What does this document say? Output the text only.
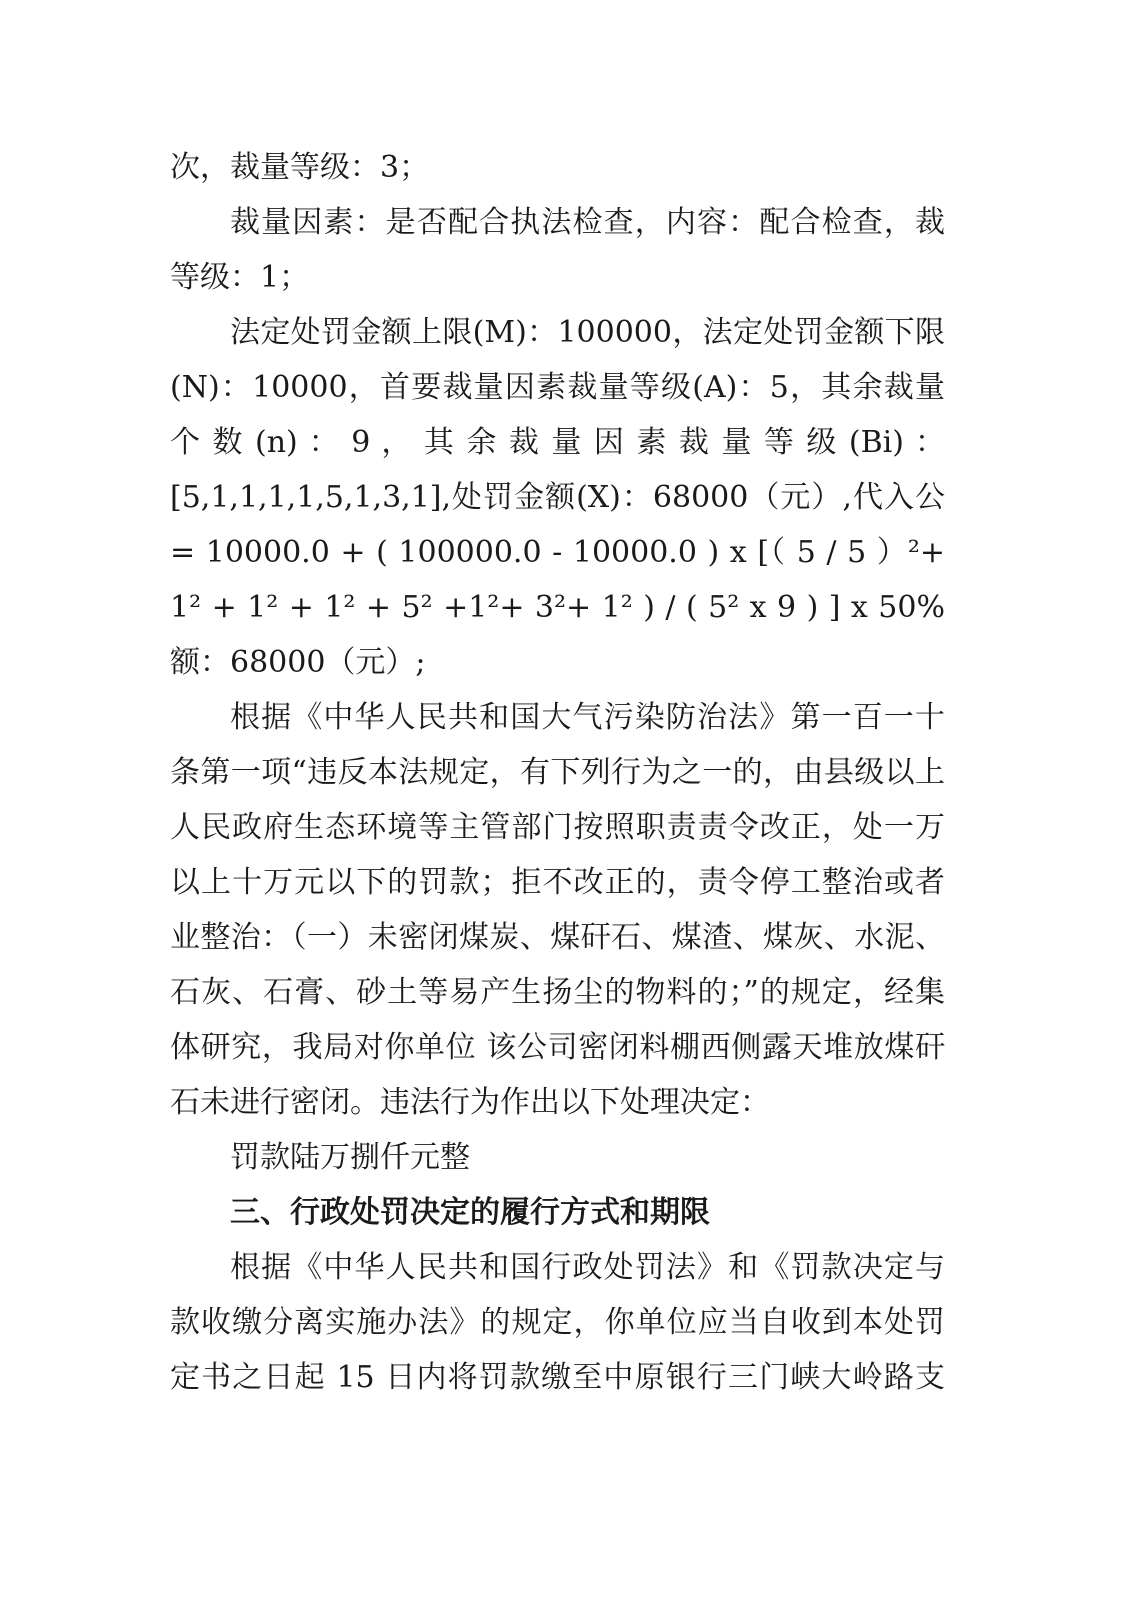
次，裁量等级：3；
裁量因素：是否配合执法检查，内容：配合检查，裁
等级：1；
法定处罚金额上限(M)：100000，法定处罚金额下限
(N)：10000，首要裁量因素裁量等级(A)：5，其余裁量
个 数 (n) ： 9 ， 其 余 裁 量 因 素 裁 量 等 级 (Bi) ：
[5,1,1,1,1,5,1,3,1],处罚金额(X)：68000（元）,代入公
= 10000.0 + ( 100000.0 - 10000.0 ) x [（ 5 / 5 ）²+
1² + 1² + 1² + 5² +1²+ 3²+ 1² ) / ( 5² x 9 ) ] x 50%
额：68000（元）;
根据《中华人民共和国大气污染防治法》第一百一十
条第一项“违反本法规定，有下列行为之一的，由县级以上
人民政府生态环境等主管部门按照职责责令改正，处一万
以上十万元以下的罚款；拒不改正的，责令停工整治或者
业整治：（一）未密闭煤炭、煤矸石、煤渣、煤灰、水泥、
石灰、石膏、砂土等易产生扬尘的物料的；”的规定，经集
体研究，我局对你单位 该公司密闭料棚西侧露天堆放煤矸
石未进行密闭。违法行为作出以下处理决定：
罚款陆万捌仟元整
三、行政处罚决定的履行方式和期限
根据《中华人民共和国行政处罚法》和《罚款决定与
款收缴分离实施办法》的规定，你单位应当自收到本处罚
定书之日起 15 日内将罚款缴至中原银行三门峡大岭路支
